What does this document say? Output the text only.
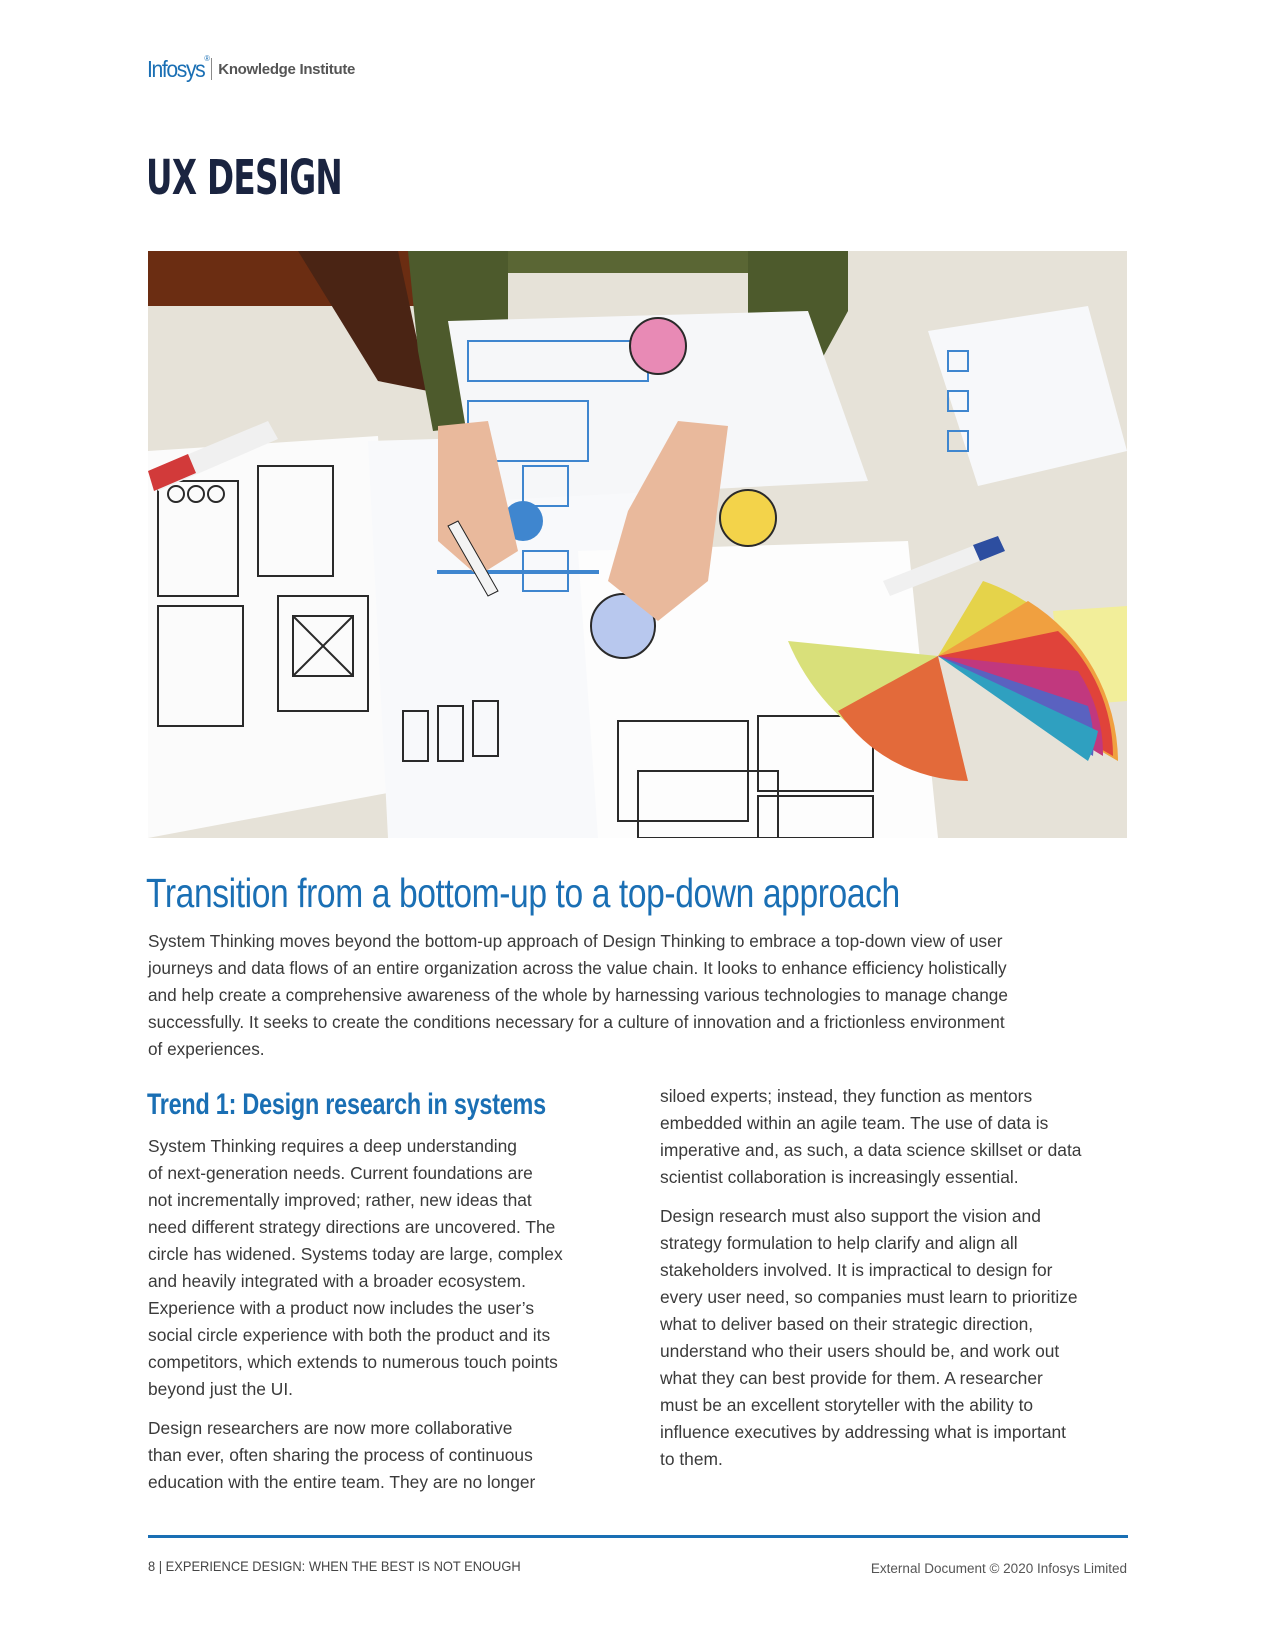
Infosys®
Knowledge Institute
UX DESIGN
Transition from a bottom-up to a top-down approach
System Thinking moves beyond the bottom-up approach of Design Thinking to embrace a top-down view of user
journeys and data flows of an entire organization across the value chain. It looks to enhance efficiency holistically
and help create a comprehensive awareness of the whole by harnessing various technologies to manage change
successfully. It seeks to create the conditions necessary for a culture of innovation and a frictionless environment
of experiences.
Trend 1: Design research in systems
System Thinking requires a deep understanding
of next-generation needs. Current foundations are
not incrementally improved; rather, new ideas that
need different strategy directions are uncovered. The
circle has widened. Systems today are large, complex
and heavily integrated with a broader ecosystem.
Experience with a product now includes the user’s
social circle experience with both the product and its
competitors, which extends to numerous touch points
beyond just the UI.
Design researchers are now more collaborative
than ever, often sharing the process of continuous
education with the entire team. They are no longer
siloed experts; instead, they function as mentors
embedded within an agile team. The use of data is
imperative and, as such, a data science skillset or data
scientist collaboration is increasingly essential.
Design research must also support the vision and
strategy formulation to help clarify and align all
stakeholders involved. It is impractical to design for
every user need, so companies must learn to prioritize
what to deliver based on their strategic direction,
understand who their users should be, and work out
what they can best provide for them. A researcher
must be an excellent storyteller with the ability to
influence executives by addressing what is important
to them.
8 | EXPERIENCE DESIGN: WHEN THE BEST IS NOT ENOUGH	External Document © 2020 Infosys Limited
